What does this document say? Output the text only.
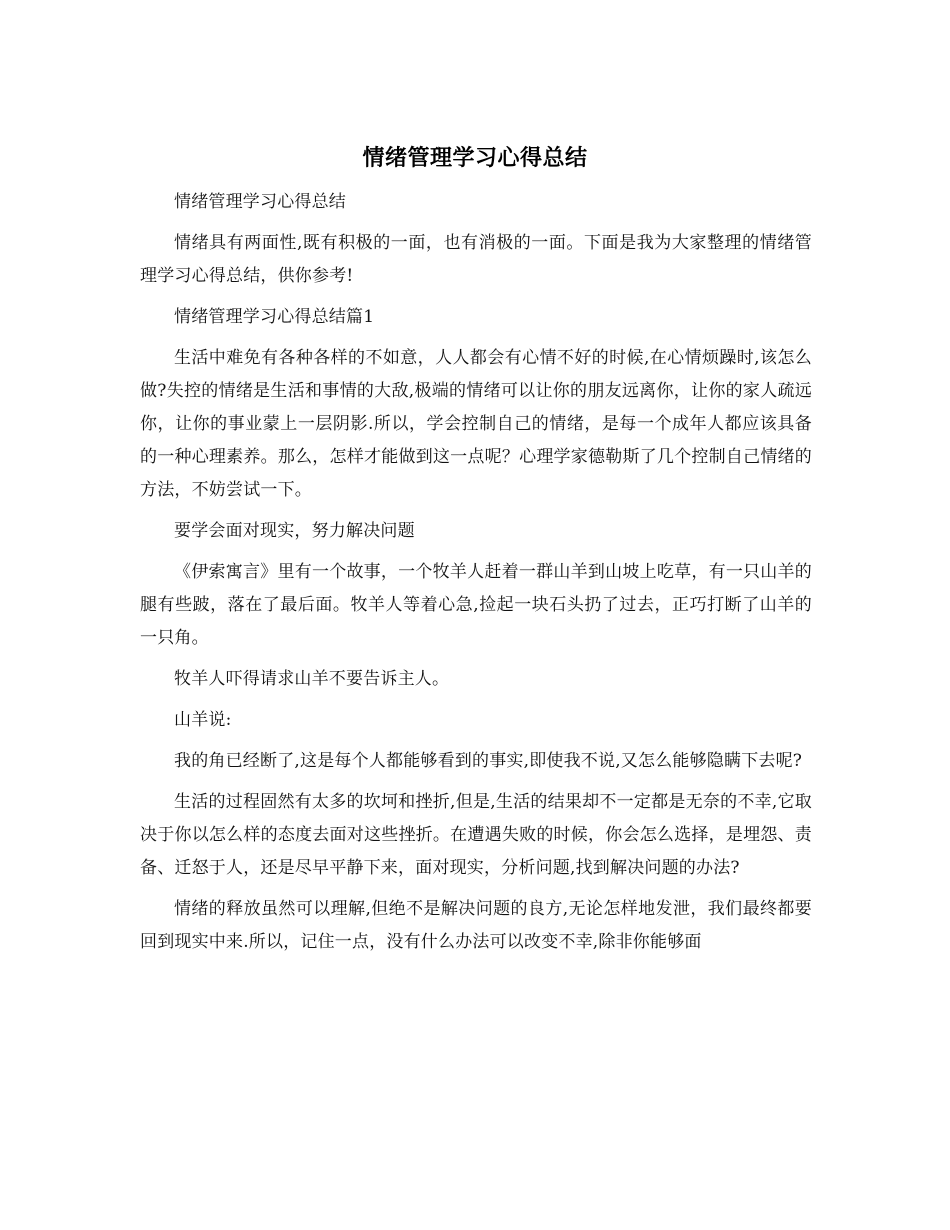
情绪管理学习心得总结

情绪管理学习心得总结

情绪具有两面性,既有积极的一面，也有消极的一面。下面是我为大家整理的情绪管理学习心得总结，供你参考!

情绪管理学习心得总结篇1

生活中难免有各种各样的不如意，人人都会有心情不好的时候,在心情烦躁时,该怎么做?失控的情绪是生活和事情的大敌,极端的情绪可以让你的朋友远离你，让你的家人疏远你，让你的事业蒙上一层阴影.所以，学会控制自己的情绪，是每一个成年人都应该具备的一种心理素养。那么，怎样才能做到这一点呢？心理学家德勒斯了几个控制自己情绪的方法，不妨尝试一下。

要学会面对现实，努力解决问题

《伊索寓言》里有一个故事，一个牧羊人赶着一群山羊到山坡上吃草，有一只山羊的腿有些跛，落在了最后面。牧羊人等着心急,捡起一块石头扔了过去，正巧打断了山羊的一只角。

牧羊人吓得请求山羊不要告诉主人。

山羊说:

我的角已经断了,这是每个人都能够看到的事实,即使我不说,又怎么能够隐瞒下去呢?

生活的过程固然有太多的坎坷和挫折,但是,生活的结果却不一定都是无奈的不幸,它取决于你以怎么样的态度去面对这些挫折。在遭遇失败的时候，你会怎么选择，是埋怨、责备、迁怒于人，还是尽早平静下来，面对现实，分析问题,找到解决问题的办法?

情绪的释放虽然可以理解,但绝不是解决问题的良方,无论怎样地发泄，我们最终都要回到现实中来.所以，记住一点，没有什么办法可以改变不幸,除非你能够面
